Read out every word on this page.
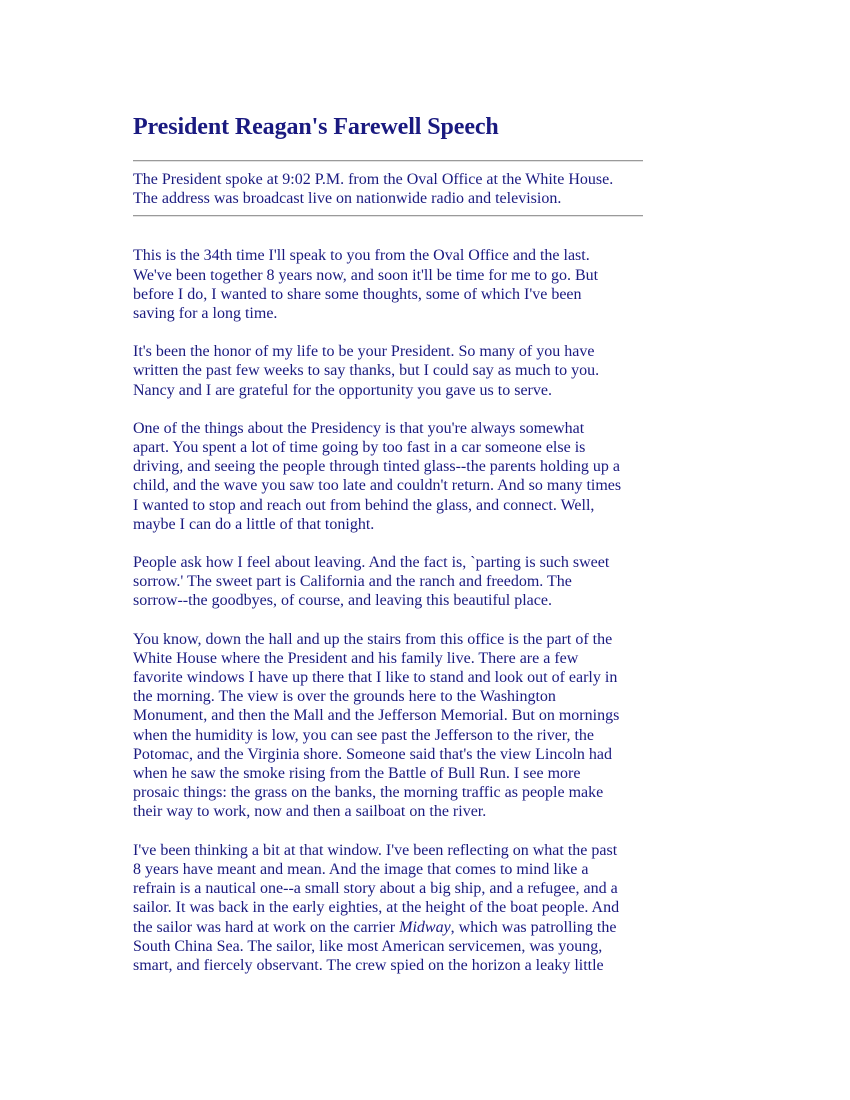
President Reagan's Farewell Speech
The President spoke at 9:02 P.M. from the Oval Office at the White House.
The address was broadcast live on nationwide radio and television.

This is the 34th time I'll speak to you from the Oval Office and the last. We've been together 8 years now, and soon it'll be time for me to go. But before I do, I wanted to share some thoughts, some of which I've been saving for a long time.

It's been the honor of my life to be your President. So many of you have written the past few weeks to say thanks, but I could say as much to you. Nancy and I are grateful for the opportunity you gave us to serve.

One of the things about the Presidency is that you're always somewhat apart. You spent a lot of time going by too fast in a car someone else is driving, and seeing the people through tinted glass--the parents holding up a child, and the wave you saw too late and couldn't return. And so many times I wanted to stop and reach out from behind the glass, and connect. Well, maybe I can do a little of that tonight.

People ask how I feel about leaving. And the fact is, `parting is such sweet sorrow.' The sweet part is California and the ranch and freedom. The sorrow--the goodbyes, of course, and leaving this beautiful place.

You know, down the hall and up the stairs from this office is the part of the White House where the President and his family live. There are a few favorite windows I have up there that I like to stand and look out of early in the morning. The view is over the grounds here to the Washington Monument, and then the Mall and the Jefferson Memorial. But on mornings when the humidity is low, you can see past the Jefferson to the river, the Potomac, and the Virginia shore. Someone said that's the view Lincoln had when he saw the smoke rising from the Battle of Bull Run. I see more prosaic things: the grass on the banks, the morning traffic as people make their way to work, now and then a sailboat on the river.

I've been thinking a bit at that window. I've been reflecting on what the past 8 years have meant and mean. And the image that comes to mind like a refrain is a nautical one--a small story about a big ship, and a refugee, and a sailor. It was back in the early eighties, at the height of the boat people. And the sailor was hard at work on the carrier Midway, which was patrolling the South China Sea. The sailor, like most American servicemen, was young, smart, and fiercely observant. The crew spied on the horizon a leaky little
